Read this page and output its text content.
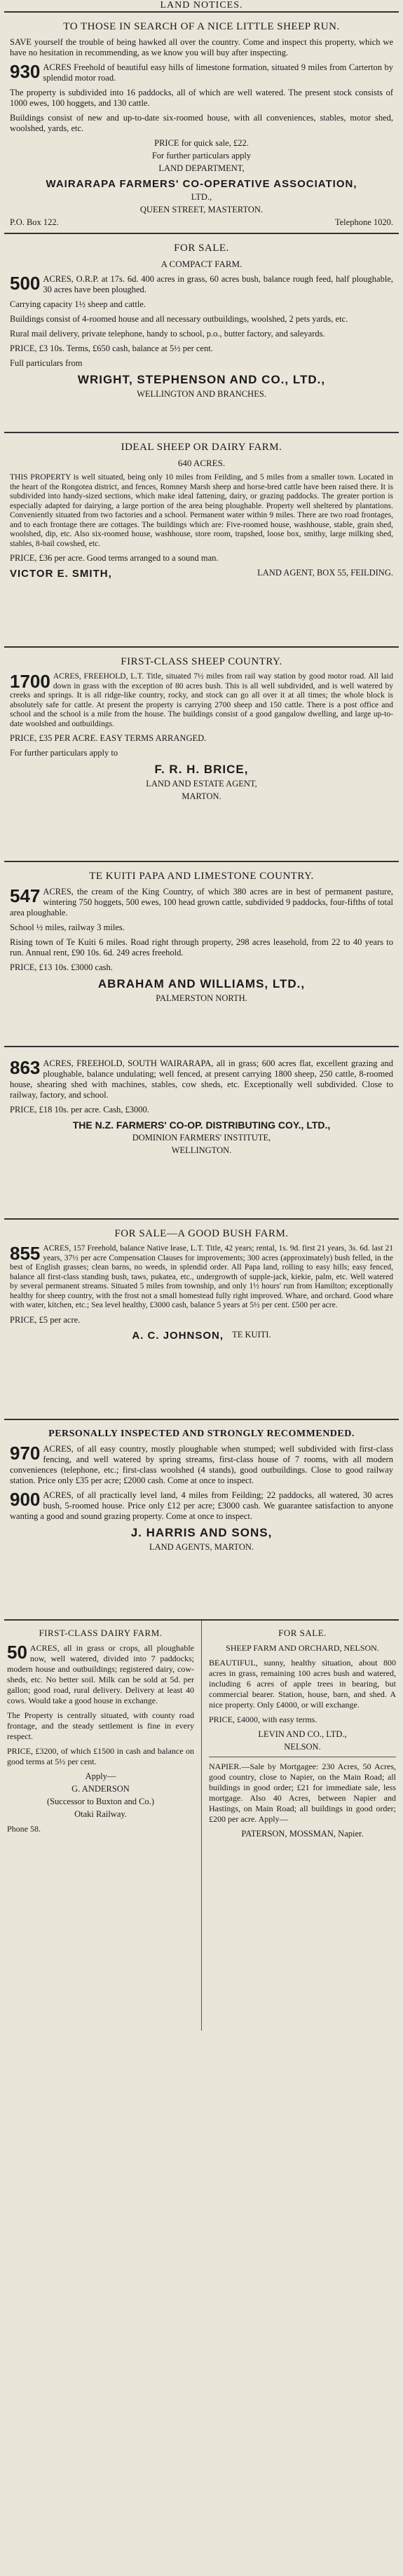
LAND NOTICES.
TO THOSE IN SEARCH OF A NICE LITTLE SHEEP RUN.

SAVE yourself the trouble of being hawked all over the country. Come and inspect this property, which we have no hesitation in recommending, as we know you will buy after inspecting.

930 ACRES Freehold of beautiful easy hills of limestone formation, situated 9 miles from Carterton by splendid motor road.

The property is subdivided into 16 paddocks, all of which are well watered. The present stock consists of 1000 ewes, 100 hoggets, and 130 cattle.

Buildings consist of new and up-to-date six-roomed house, with all conveniences, stables, motor shed, woolshed, yards, etc.

PRICE for quick sale, £22.
For further particulars apply
LAND DEPARTMENT,
WAIRARAPA FARMERS' CO-OPERATIVE ASSOCIATION,
LTD.,
QUEEN STREET, MASTERTON.
P.O. Box 122.	Telephone 1020.
FOR SALE.
A COMPACT FARM.

500 ACRES, O.R.P. at 17s. 6d. 400 acres in grass, 60 acres bush, balance rough feed, half ploughable, 30 acres have been ploughed.

Carrying capacity 1½ sheep and cattle.

Buildings consist of 4-roomed house and all necessary outbuildings, woolshed, 2 pets yards, etc.

Rural mail delivery, private telephone, handy to school, p.o., butter factory, and saleyards.

PRICE, £3 10s. Terms, £650 cash, balance at 5½ per cent.

Full particulars from

WRIGHT, STEPHENSON AND CO., LTD.,
WELLINGTON AND BRANCHES.
IDEAL SHEEP OR DAIRY FARM.
640 ACRES.

THIS PROPERTY is well situated, being only 10 miles from Feilding, and 5 miles from a smaller town. Located in the heart of the Rongotea district, and fences, Romney Marsh sheep and horse-bred cattle have been raised there. It is subdivided into handy-sized sections, which make ideal fattening, dairy, or grazing paddocks. The greater portion is especially adapted for dairying, a large portion of the area being ploughable. Property well sheltered by plantations. Conveniently situated from two factories and a school. Permanent water within 9 miles. There are two road frontages, and to each frontage there are cottages. The buildings which are: Five-roomed house, washhouse, stable, grain shed, woolshed, dip, etc. Also six-roomed house, washhouse, store room, trapshed, loose box, smithy, large milking shed, stables, 8-bail cowshed, etc.

PRICE, £36 per acre. Good terms arranged to a sound man.

VICTOR E. SMITH,	LAND AGENT, BOX 55, FEILDING.
FIRST-CLASS SHEEP COUNTRY.

1700 ACRES, FREEHOLD, L.T. Title, situated 7½ miles from rail way station by good motor road. All laid down in grass with the exception of 80 acres bush. This is all well subdivided, and is well watered by creeks and springs. It is all ridge-like country, rocky, and stock can go all over it at all times; the whole block is absolutely safe for cattle. At present the property is carrying 2700 sheep and 150 cattle. There is a post office and school and the school is a mile from the house. The buildings consist of a good gangalow dwelling, and large up-to-date woolshed and outbuildings.

PRICE, £35 PER ACRE. EASY TERMS ARRANGED.

For further particulars apply to

F. R. H. BRICE,
LAND AND ESTATE AGENT,
MARTON.
TE KUITI PAPA AND LIMESTONE COUNTRY.

547 ACRES, the cream of the King Country, of which 380 acres are in best of permanent pasture, wintering 750 hoggets, 500 ewes, 100 head grown cattle, subdivided 9 paddocks, four-fifths of total area ploughable.

School ½ miles, railway 3 miles.

Rising town of Te Kuiti 6 miles. Road right through property, 298 acres leasehold, from 22 to 40 years to run. Annual rent, £90 10s. 6d. 249 acres freehold.

PRICE, £13 10s. £3000 cash.

ABRAHAM AND WILLIAMS, LTD.,
PALMERSTON NORTH.

863 ACRES, FREEHOLD, SOUTH WAIRARAPA, all in grass; 600 acres flat, excellent grazing and ploughable, balance undulating; well fenced, at present carrying 1800 sheep, 250 cattle, 8-roomed house, shearing shed with machines, stables, cow sheds, etc. Exceptionally well subdivided. Close to railway, factory, and school.

PRICE, £18 10s. per acre. Cash, £3000.

THE N.Z. FARMERS' CO-OP. DISTRIBUTING COY., LTD.,
DOMINION FARMERS' INSTITUTE,
WELLINGTON.
FOR SALE—A GOOD BUSH FARM.

855 ACRES, 157 Freehold, balance Native lease, L.T. Title, 42 years; rental, 1s. 9d. first 21 years, 3s. 6d. last 21 years, 37½ per acre Compensation Clauses for improvements; 300 acres (approximately) bush felled, in the best of English grasses; clean barns, no weeds, in splendid order. All Papa land, rolling to easy hills; easy fenced, balance all first-class standing bush, taws, pukatea, etc., undergrowth of supple-jack, kiekie, palm, etc. Well watered by several permanent streams. Situated 5 miles from township, and only 1½ hours' run from Hamilton; exceptionally healthy for sheep country, with the frost not a small homestead fully right improved. Whare, and orchard. Good whare with water, kitchen, etc.; Sea level healthy, £3000 cash, balance 5 years at 5½ per cent. £500 per acre.

PRICE, £5 per acre.

A. C. JOHNSON, TE KUITI.
PERSONALLY INSPECTED AND STRONGLY RECOMMENDED.

970 ACRES, of all easy country, mostly ploughable when stumped; well subdivided with first-class fencing, and well watered by spring streams, first-class house of 7 rooms, with all modern conveniences (telephone, etc.; first-class woolshed (4 stands), good outbuildings. Close to good railway station. Price only £35 per acre; £2000 cash. Come at once to inspect.

900 ACRES, of all practically level land, 4 miles from Feilding; 22 paddocks, all watered, 30 acres bush, 5-roomed house. Price only £12 per acre; £3000 cash. We guarantee satisfaction to anyone wanting a good and sound grazing property. Come at once to inspect.

J. HARRIS AND SONS,
LAND AGENTS, MARTON.
FIRST-CLASS DAIRY FARM.

50 ACRES, all in grass or crops, all ploughable now, well watered, divided into 7 paddocks; modern house and outbuildings; registered dairy, cow-sheds, etc. No better soil. Milk can be sold at 5d. per gallon; good road, rural delivery. Delivery at least 40 cows. Would take a good house in exchange.

The Property is centrally situated, with county road frontage, and the steady settlement is fine in every respect.

PRICE, £3200, of which £1500 in cash and balance on good terms at 5½ per cent.

Apply—
G. ANDERSON
(Successor to Buxton and Co.)
Otaki Railway.
Phone 58.
FOR SALE.
SHEEP FARM AND ORCHARD, NELSON.

BEAUTIFUL, sunny, healthy situation, about 800 acres in grass, remaining 100 acres bush and watered, including 6 acres of apple trees in bearing, but commercial bearer. Station, house, barn, and shed. A nice property. Only £4000, or will exchange.

PRICE, £4000, with easy terms.

LEVIN AND CO., LTD.,
NELSON.

NAPIER.—Sale by Mortgagee: 230 Acres, 50 Acres, good country, close to Napier, on the Main Road; all buildings in good order; £21 for immediate sale, less mortgage. Also 40 Acres, between Napier and Hastings, on Main Road; all buildings in good order; £200 per acre. Apply—

PATERSON, MOSSMAN, Napier.
